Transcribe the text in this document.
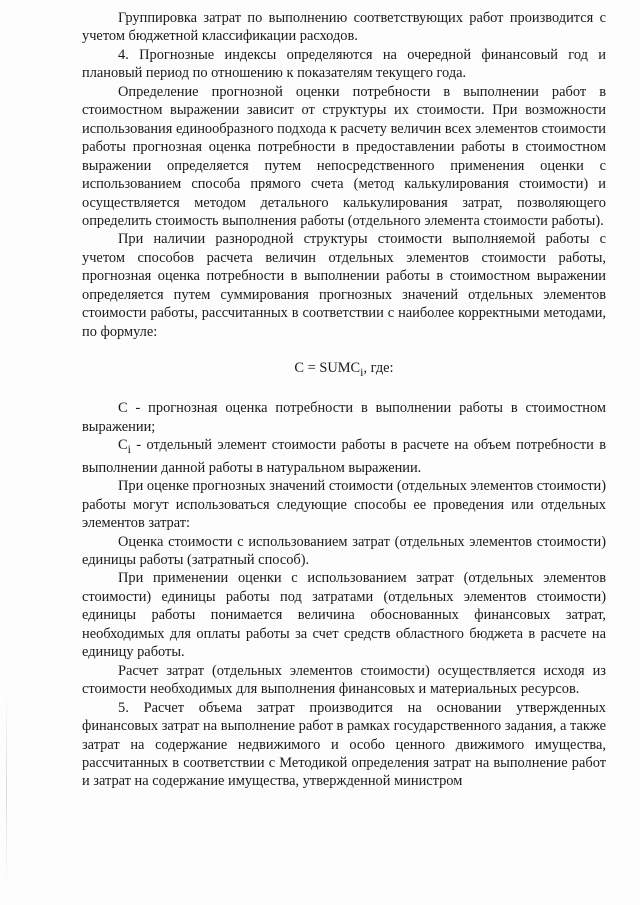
Группировка затрат по выполнению соответствующих работ производится с учетом бюджетной классификации расходов.

4. Прогнозные индексы определяются на очередной финансовый год и плановый период по отношению к показателям текущего года.

Определение прогнозной оценки потребности в выполнении работ в стоимостном выражении зависит от структуры их стоимости. При возможности использования единообразного подхода к расчету величин всех элементов стоимости работы прогнозная оценка потребности в предоставлении работы в стоимостном выражении определяется путем непосредственного применения оценки с использованием способа прямого счета (метод калькулирования стоимости) и осуществляется методом детального калькулирования затрат, позволяющего определить стоимость выполнения работы (отдельного элемента стоимости работы).

При наличии разнородной структуры стоимости выполняемой работы с учетом способов расчета величин отдельных элементов стоимости работы, прогнозная оценка потребности в выполнении работы в стоимостном выражении определяется путем суммирования прогнозных значений отдельных элементов стоимости работы, рассчитанных в соответствии с наиболее корректными методами, по формуле:

$C = SUMC_i$, где:

C - прогнозная оценка потребности в выполнении работы в стоимостном выражении;

$C_i$ - отдельный элемент стоимости работы в расчете на объем потребности в выполнении данной работы в натуральном выражении.

При оценке прогнозных значений стоимости (отдельных элементов стоимости) работы могут использоваться следующие способы ее проведения или отдельных элементов затрат:

Оценка стоимости с использованием затрат (отдельных элементов стоимости) единицы работы (затратный способ).

При применении оценки с использованием затрат (отдельных элементов стоимости) единицы работы под затратами (отдельных элементов стоимости) единицы работы понимается величина обоснованных финансовых затрат, необходимых для оплаты работы за счет средств областного бюджета в расчете на единицу работы.

Расчет затрат (отдельных элементов стоимости) осуществляется исходя из стоимости необходимых для выполнения финансовых и материальных ресурсов.

5. Расчет объема затрат производится на основании утвержденных финансовых затрат на выполнение работ в рамках государственного задания, а также затрат на содержание недвижимого и особо ценного движимого имущества, рассчитанных в соответствии с Методикой определения затрат на выполнение работ и затрат на содержание имущества, утвержденной министром
